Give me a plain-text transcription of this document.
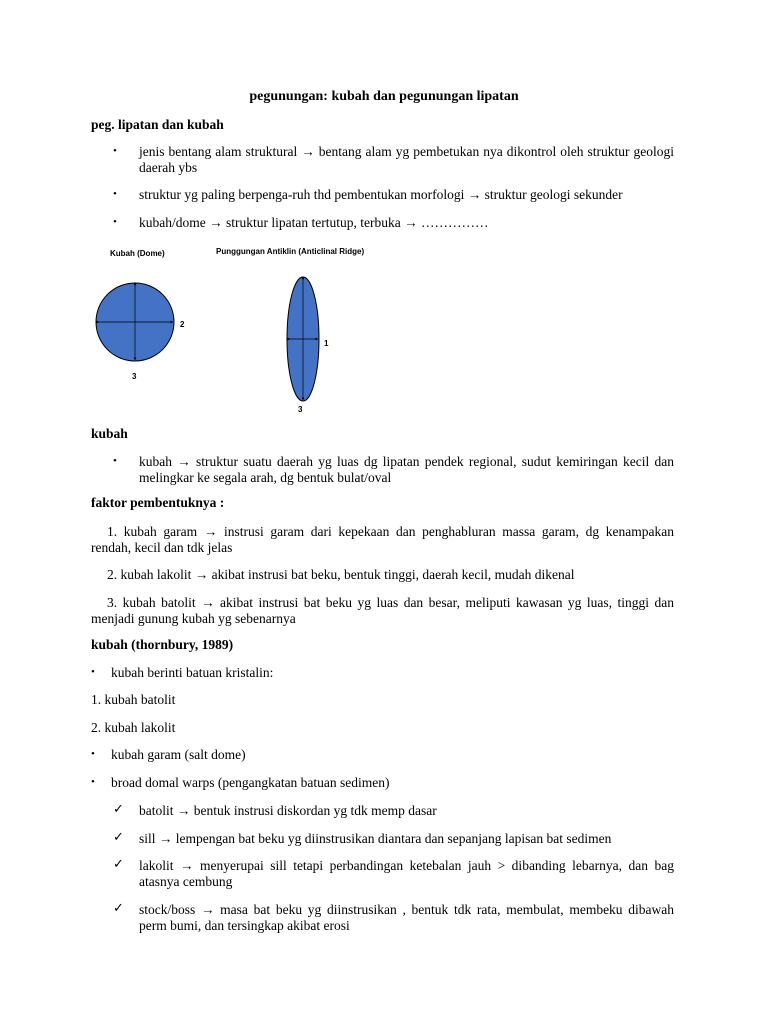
pegunungan: kubah dan pegunungan lipatan
peg. lipatan dan kubah
•	jenis bentang alam struktural → bentang alam yg pembetukan nya dikontrol oleh struktur geologi daerah ybs
•	struktur yg paling berpenga-ruh thd pembentukan morfologi → struktur geologi sekunder
•	kubah/dome → struktur lipatan tertutup, terbuka → ……………
Kubah (Dome)	Punggungan Antiklin (Anticlinal Ridge)
2
3
1
3
kubah
•	kubah → struktur suatu daerah yg luas dg lipatan pendek regional, sudut kemiringan kecil dan melingkar ke segala arah, dg bentuk bulat/oval
faktor pembentuknya :
1. kubah garam → instrusi garam dari kepekaan dan penghabluran massa garam, dg kenampakan rendah, kecil dan tdk jelas
2. kubah lakolit → akibat instrusi bat beku, bentuk tinggi, daerah kecil, mudah dikenal
3. kubah batolit → akibat instrusi bat beku yg luas dan besar, meliputi kawasan yg luas, tinggi dan menjadi gunung kubah yg sebenarnya
kubah (thornbury, 1989)
•	kubah berinti batuan kristalin:
1. kubah batolit
2. kubah lakolit
•	kubah garam (salt dome)
•	broad domal warps (pengangkatan batuan sedimen)
✓ batolit → bentuk instrusi diskordan yg tdk memp dasar
✓ sill → lempengan bat beku yg diinstrusikan diantara dan sepanjang lapisan bat sedimen
✓ lakolit → menyerupai sill tetapi perbandingan ketebalan jauh > dibanding lebarnya, dan bag atasnya cembung
✓ stock/boss → masa bat beku yg diinstrusikan , bentuk tdk rata, membulat, membeku dibawah perm bumi, dan tersingkap akibat erosi
